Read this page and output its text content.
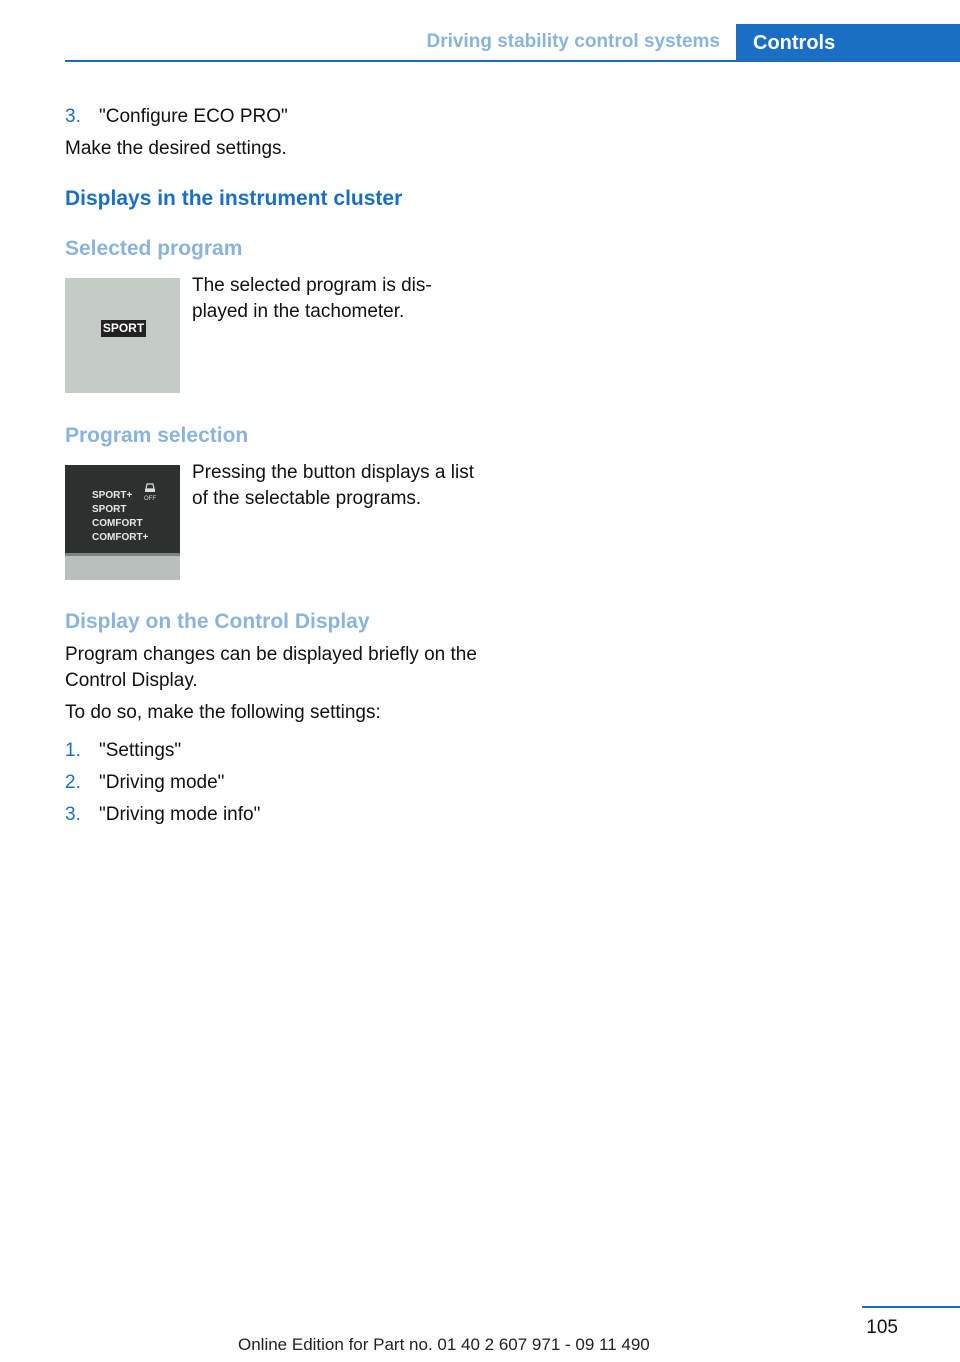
Driving stability control systems	Controls
3. "Configure ECO PRO"
Make the desired settings.
Displays in the instrument cluster
Selected program
SPORT
The selected program is dis-played in the tachometer.
Program selection
SPORT+
SPORT
COMFORT
COMFORT+
OFF
Pressing the button displays a list of the selectable programs.
Display on the Control Display
Program changes can be displayed briefly on the Control Display.
To do so, make the following settings:
1. "Settings"
2. "Driving mode"
3. "Driving mode info"
105
Online Edition for Part no. 01 40 2 607 971 - 09 11 490
